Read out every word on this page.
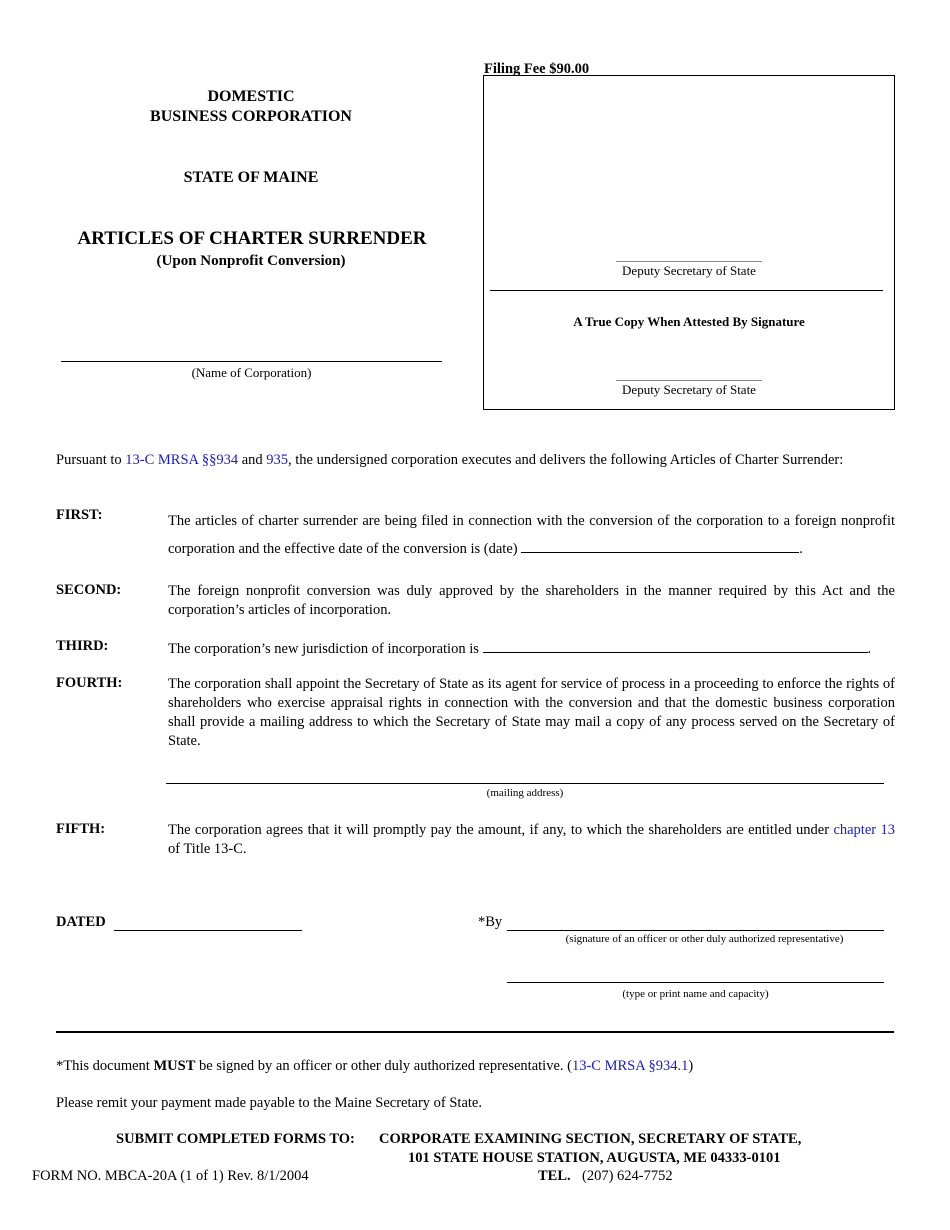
DOMESTIC
BUSINESS CORPORATION
STATE OF MAINE
ARTICLES OF CHARTER SURRENDER
(Upon Nonprofit Conversion)
(Name of Corporation)
Filing Fee $90.00
Deputy Secretary of State
A True Copy When Attested By Signature
Deputy Secretary of State
Pursuant to 13-C MRSA §§934 and 935, the undersigned corporation executes and delivers the following Articles of Charter Surrender:
FIRST:	The articles of charter surrender are being filed in connection with the conversion of the corporation to a foreign nonprofit corporation and the effective date of the conversion is (date)	.
SECOND:	The foreign nonprofit conversion was duly approved by the shareholders in the manner required by this Act and the corporation’s articles of incorporation.
THIRD:	The corporation’s new jurisdiction of incorporation is	.
FOURTH:	The corporation shall appoint the Secretary of State as its agent for service of process in a proceeding to enforce the rights of shareholders who exercise appraisal rights in connection with the conversion and that the domestic business corporation shall provide a mailing address to which the Secretary of State may mail a copy of any process served on the Secretary of State.
(mailing address)
FIFTH:	The corporation agrees that it will promptly pay the amount, if any, to which the shareholders are entitled under chapter 13 of Title 13-C.
DATED	*By
(signature of an officer or other duly authorized representative)
(type or print name and capacity)
*This document MUST be signed by an officer or other duly authorized representative. (13-C MRSA §934.1)
Please remit your payment made payable to the Maine Secretary of State.
SUBMIT COMPLETED FORMS TO: CORPORATE EXAMINING SECTION, SECRETARY OF STATE,
101 STATE HOUSE STATION, AUGUSTA, ME 04333-0101
TEL. (207) 624-7752
FORM NO. MBCA-20A (1 of 1) Rev. 8/1/2004
